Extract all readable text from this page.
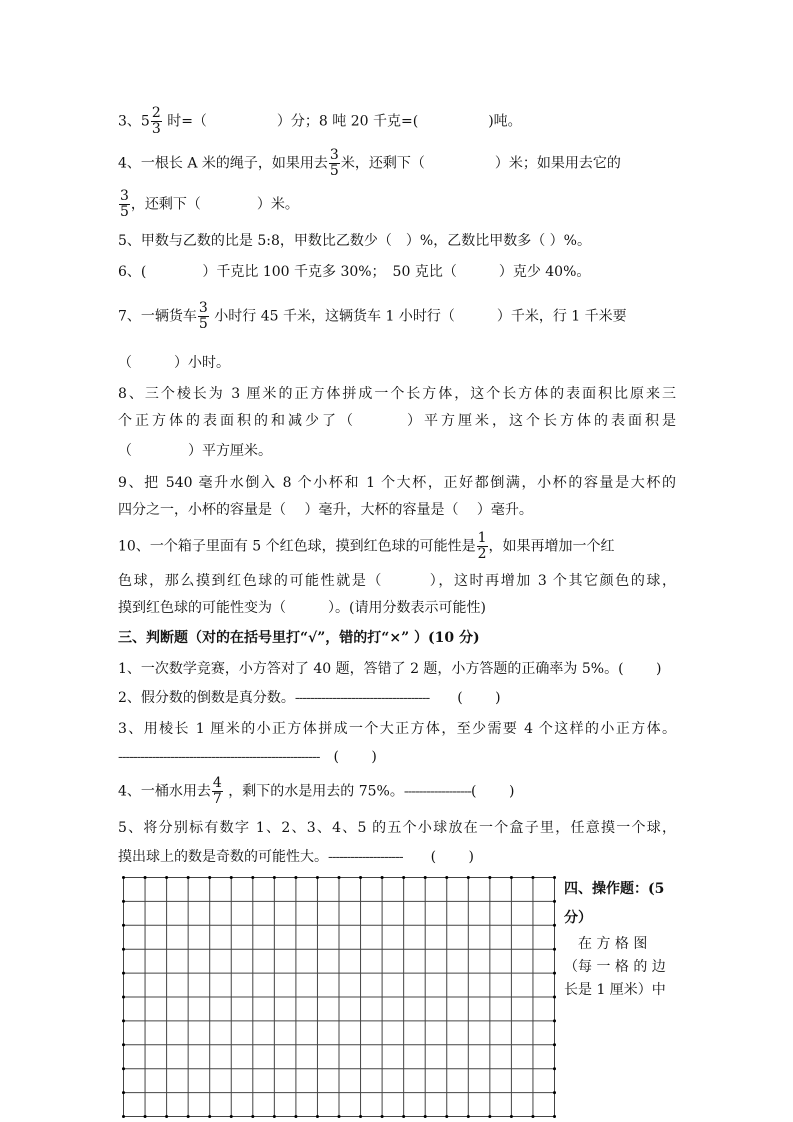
3、$5 \frac{2}{3}$ 时=（　　　　　）分；8 吨 20 千克=(　　　　　)吨。
4、一根长 A 米的绳子，如果用去 $\frac{3}{5}$ 米，还剩下（　　　　　）米；如果用去它的
$\frac{3}{5}$ ，还剩下（　　　　）米。
5、甲数与乙数的比是 5:8，甲数比乙数少（　）%，乙数比甲数多（ ）%。
6、(　　　　）千克比 100 千克多 30%；　50 克比（　　　）克少 40%。
7、一辆货车 $\frac{3}{5}$ 小时行 45 千米，这辆货车 1 小时行（　　　）千米，行 1 千米要
（　　　）小时。
8、三个棱长为 3 厘米的正方体拼成一个长方体，这个长方体的表面积比原来三
个正方体的表面积的和减少了（　　　）平方厘米，这个长方体的表面积是
（　　　　）平方厘米。
9、把 540 毫升水倒入 8 个小杯和 1 个大杯，正好都倒满，小杯的容量是大杯的
四分之一，小杯的容量是（　 ）毫升，大杯的容量是（　 ）毫升。
10、一个箱子里面有 5 个红色球，摸到红色球的可能性是 $\frac{1}{2}$ ，如果再增加一个红
色球，那么摸到红色球的可能性就是（　　　），这时再增加 3 个其它颜色的球，
摸到红色球的可能性变为（　　　）。(请用分数表示可能性)
三、判断题（对的在括号里打“√”，错的打“×” ）(10 分)
1、一次数学竞赛，小方答对了 40 题，答错了 2 题，小方答题的正确率为 5%。(　　 )
2、假分数的倒数是真分数。------------------------------------　　(　　 )
3、用棱长 1 厘米的小正方体拼成一个大正方体，至少需要 4 个这样的小正方体。
------------------------------------------------------　(　　 )
4、一桶水用去 $\frac{4}{7}$ ，剩下的水是用去的 75%。------------------(　　 )
5、将分别标有数字 1、2、3、4、5 的五个小球放在一个盒子里，任意摸一个球，
摸出球上的数是奇数的可能性大。--------------------　　(　　 )
四、操作题：(5
分）
　在 方 格 图
（每 一 格 的 边
长是 1 厘米）中
